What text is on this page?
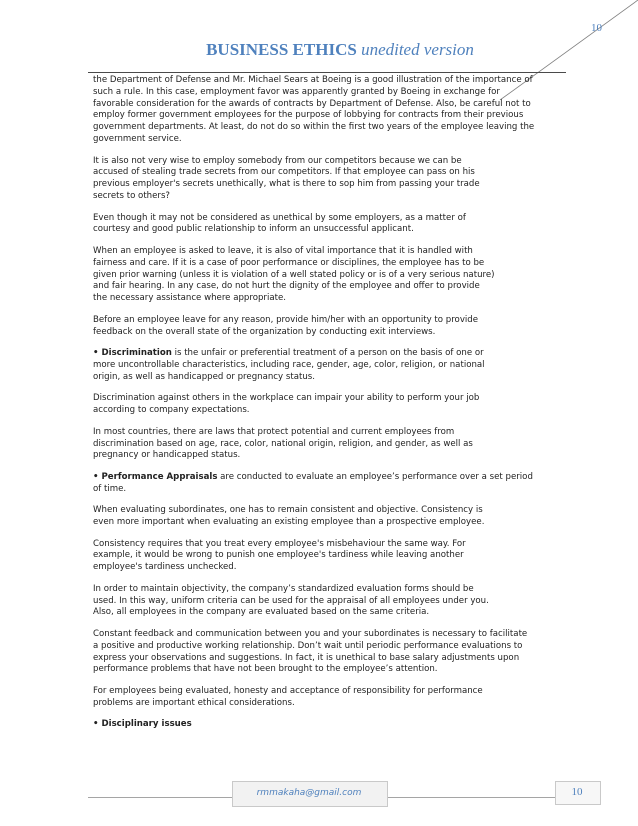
10
BUSINESS ETHICS unedited version

the Department of Defense and Mr. Michael Sears at Boeing is a good illustration of the importance of
such a rule. In this case, employment favor was apparently granted by Boeing in exchange for
favorable consideration for the awards of contracts by Department of Defense. Also, be careful not to
employ former government employees for the purpose of lobbying for contracts from their previous
government departments. At least, do not do so within the first two years of the employee leaving the
government service.

It is also not very wise to employ somebody from our competitors because we can be
accused of stealing trade secrets from our competitors. If that employee can pass on his
previous employer's secrets unethically, what is there to sop him from passing your trade
secrets to others?

Even though it may not be considered as unethical by some employers, as a matter of
courtesy and good public relationship to inform an unsuccessful applicant.

When an employee is asked to leave, it is also of vital importance that it is handled with
fairness and care. If it is a case of poor performance or disciplines, the employee has to be
given prior warning (unless it is violation of a well stated policy or is of a very serious nature)
and fair hearing. In any case, do not hurt the dignity of the employee and offer to provide
the necessary assistance where appropriate.

Before an employee leave for any reason, provide him/her with an opportunity to provide
feedback on the overall state of the organization by conducting exit interviews.

• Discrimination is the unfair or preferential treatment of a person on the basis of one or
more uncontrollable characteristics, including race, gender, age, color, religion, or national
origin, as well as handicapped or pregnancy status.

Discrimination against others in the workplace can impair your ability to perform your job
according to company expectations.

In most countries, there are laws that protect potential and current employees from
discrimination based on age, race, color, national origin, religion, and gender, as well as
pregnancy or handicapped status.

• Performance Appraisals are conducted to evaluate an employee’s performance over a set period
of time.

When evaluating subordinates, one has to remain consistent and objective. Consistency is
even more important when evaluating an existing employee than a prospective employee.

Consistency requires that you treat every employee's misbehaviour the same way. For
example, it would be wrong to punish one employee's tardiness while leaving another
employee's tardiness unchecked.

In order to maintain objectivity, the company’s standardized evaluation forms should be
used. In this way, uniform criteria can be used for the appraisal of all employees under you.
Also, all employees in the company are evaluated based on the same criteria.

Constant feedback and communication between you and your subordinates is necessary to facilitate
a positive and productive working relationship. Don’t wait until periodic performance evaluations to
express your observations and suggestions. In fact, it is unethical to base salary adjustments upon
performance problems that have not been brought to the employee’s attention.

For employees being evaluated, honesty and acceptance of responsibility for performance
problems are important ethical considerations.

• Disciplinary issues

rmmakaha@gmail.com	10
